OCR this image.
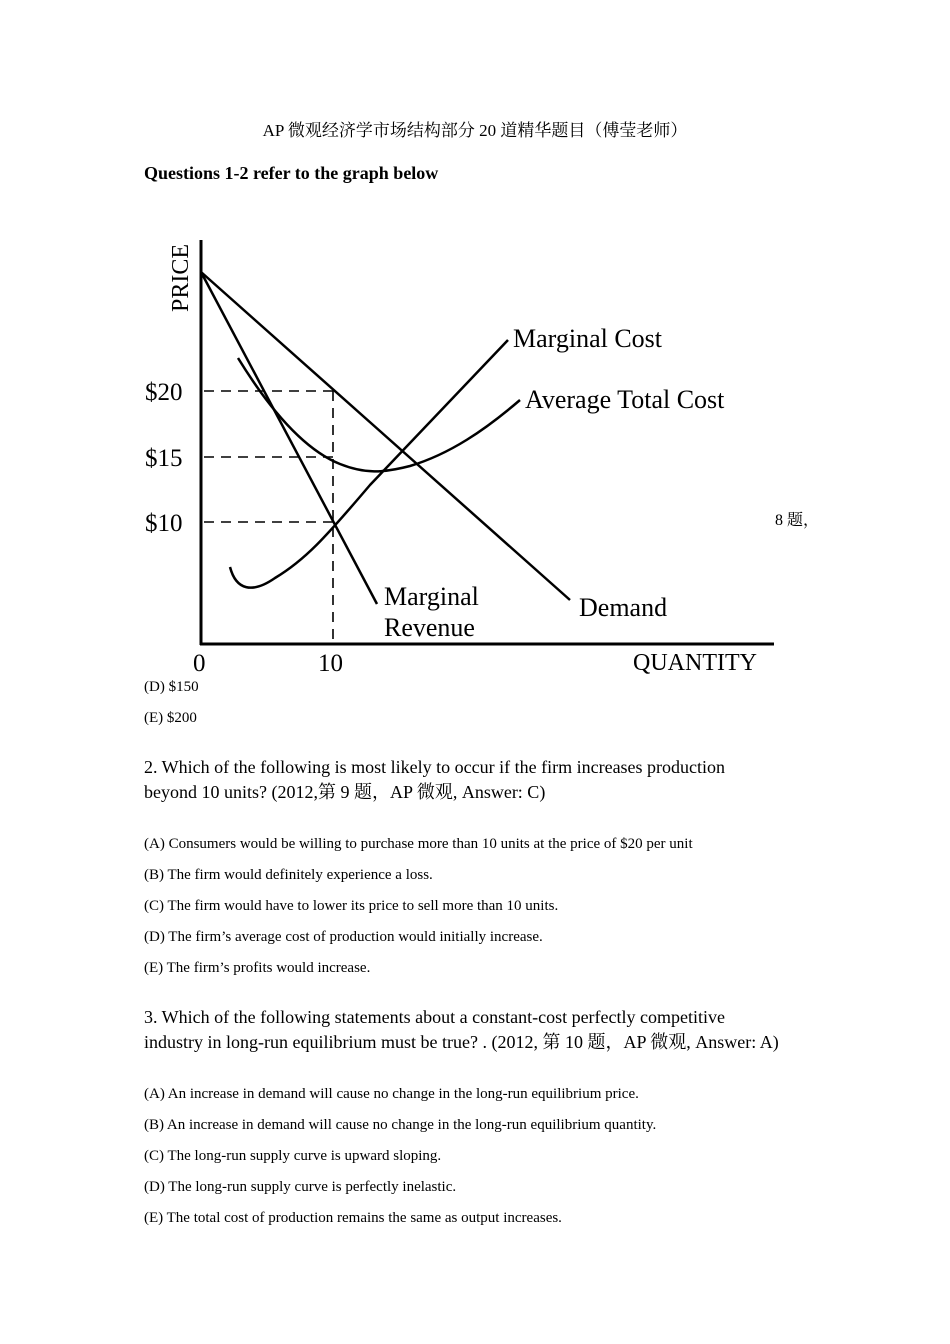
AP 微观经济学市场结构部分 20 道精华题目（傅莹老师）
Questions 1-2 refer to the graph below
PRICE
QUANTITY
$20
$15
$10
0	10
Marginal Cost
Average Total Cost
Marginal
Revenue
Demand
8 题，
(D) $150
(E) $200
2. Which of the following is most likely to occur if the firm increases production
beyond 10 units? (2012,第 9 题，AP 微观, Answer: C)
(A) Consumers would be willing to purchase more than 10 units at the price of $20 per unit
(B) The firm would definitely experience a loss.
(C) The firm would have to lower its price to sell more than 10 units.
(D) The firm’s average cost of production would initially increase.
(E) The firm’s profits would increase.
3. Which of the following statements about a constant-cost perfectly competitive
industry in long-run equilibrium must be true? . (2012, 第 10 题，AP 微观, Answer: A)
(A) An increase in demand will cause no change in the long-run equilibrium price.
(B) An increase in demand will cause no change in the long-run equilibrium quantity.
(C) The long-run supply curve is upward sloping.
(D) The long-run supply curve is perfectly inelastic.
(E) The total cost of production remains the same as output increases.
